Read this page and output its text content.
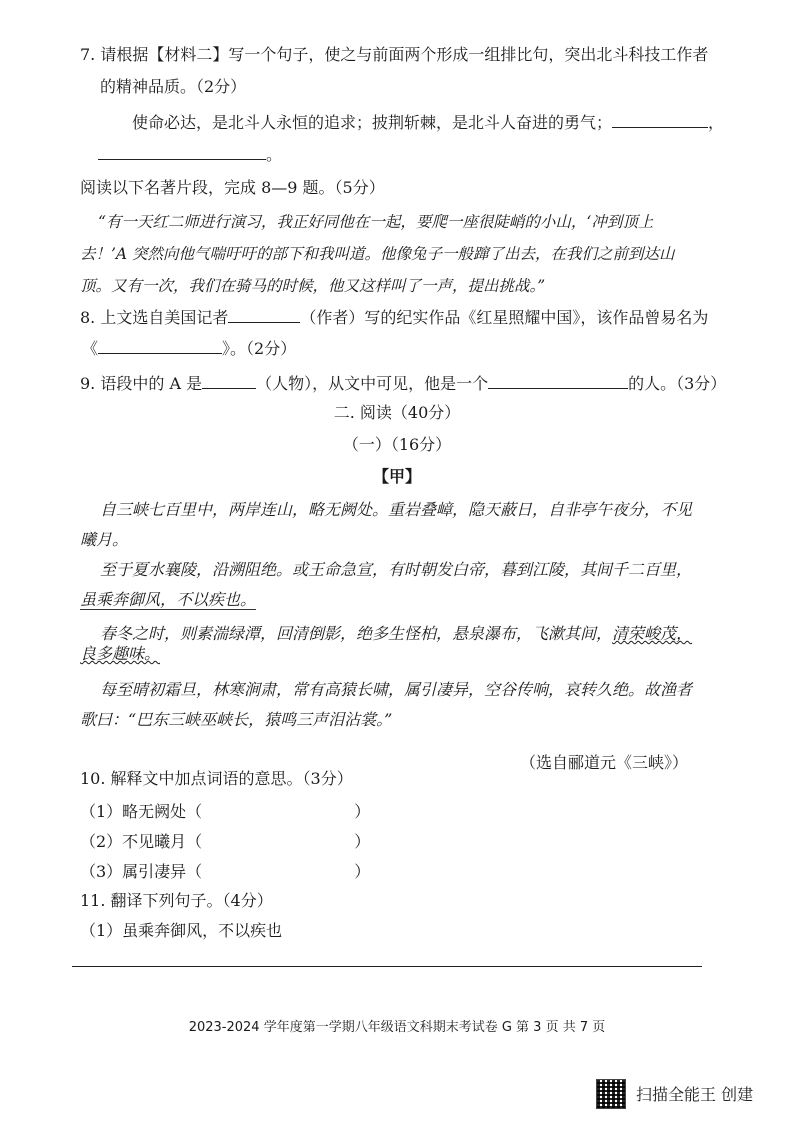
7. 请根据【材料二】写一个句子，使之与前面两个形成一组排比句，突出北斗科技工作者
的精神品质。（2分）
使命必达，是北斗人永恒的追求；披荆斩棘，是北斗人奋进的勇气；	，
。
阅读以下名著片段，完成 8—9 题。（5分）
“有一天红二师进行演习，我正好同他在一起，要爬一座很陡峭的小山，‘冲到顶上
去！’A 突然向他气喘吁吁的部下和我叫道。他像兔子一般蹿了出去，在我们之前到达山
顶。又有一次，我们在骑马的时候，他又这样叫了一声，提出挑战。”
8. 上文选自美国记者	（作者）写的纪实作品《红星照耀中国》，该作品曾易名为
《	》。（2分）
9. 语段中的 A 是	（人物），从文中可见，他是一个	的人。（3分）
二. 阅读（40分）
（一）（16分）
【甲】
自三峡七百里中，两岸连山，略无阙处。重岩叠嶂，隐天蔽日，自非亭午夜分，不见
曦月。
至于夏水襄陵，沿溯阻绝。或王命急宣，有时朝发白帝，暮到江陵，其间千二百里，
虽乘奔御风，不以疾也。
春冬之时，则素湍绿潭，回清倒影，绝多生怪柏，悬泉瀑布，飞漱其间，清荣峻茂，
良多趣味。
每至晴初霜旦，林寒涧肃，常有高猿长啸，属引凄异，空谷传响，哀转久绝。故渔者
歌曰：“巴东三峡巫峡长，猿鸣三声泪沾裳。”
（选自郦道元《三峡》）
10. 解释文中加点词语的意思。（3分）
（1）略无阙处（	）
（2）不见曦月（	）
（3）属引凄异（	）
11. 翻译下列句子。（4分）
（1）虽乘奔御风，不以疾也
2023-2024 学年度第一学期八年级语文科期末考试卷 G 第 3 页 共 7 页
扫描全能王 创建
